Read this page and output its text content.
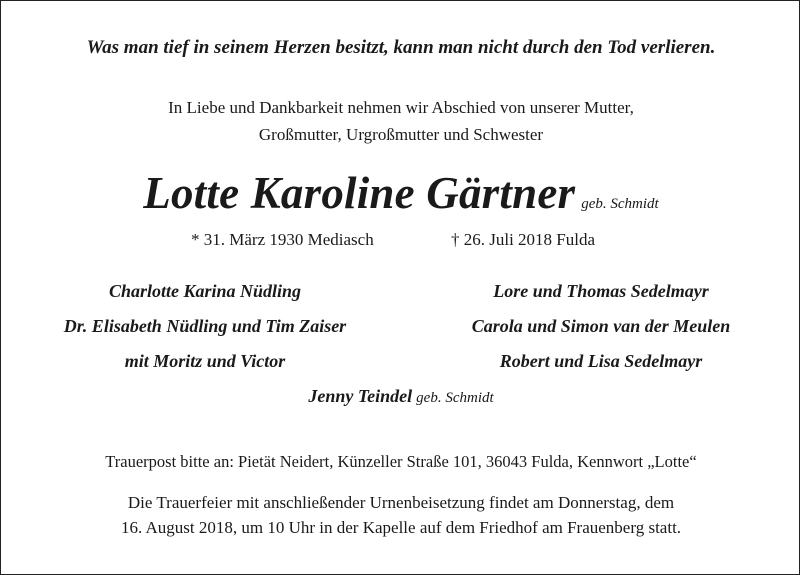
Was man tief in seinem Herzen besitzt, kann man nicht durch den Tod verlieren.
In Liebe und Dankbarkeit nehmen wir Abschied von unserer Mutter,
Großmutter, Urgroßmutter und Schwester
Lotte Karoline Gärtner geb. Schmidt
* 31. März 1930 Mediasch	† 26. Juli 2018 Fulda
Charlotte Karina Nüdling
Dr. Elisabeth Nüdling und Tim Zaiser
mit Moritz und Victor
Lore und Thomas Sedelmayr
Carola und Simon van der Meulen
Robert und Lisa Sedelmayr
Jenny Teindel geb. Schmidt
Trauerpost bitte an: Pietät Neidert, Künzeller Straße 101, 36043 Fulda, Kennwort „Lotte“
Die Trauerfeier mit anschließender Urnenbeisetzung findet am Donnerstag, dem
16. August 2018, um 10 Uhr in der Kapelle auf dem Friedhof am Frauenberg statt.
